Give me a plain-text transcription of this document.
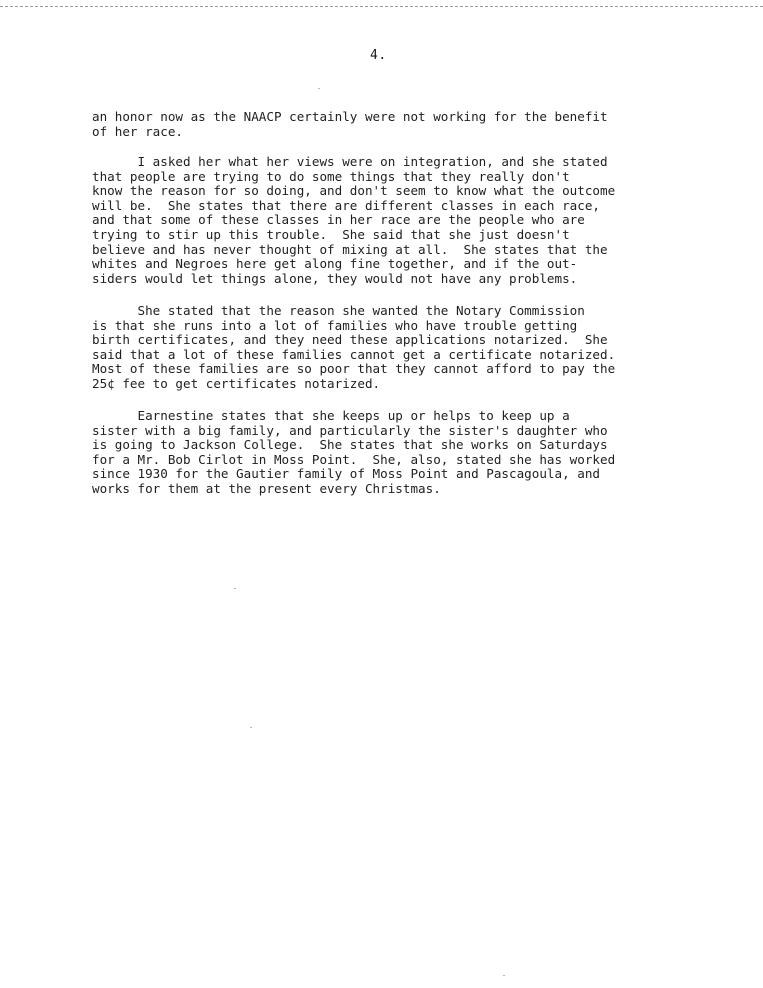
4.

an honor now as the NAACP certainly were not working for the benefit
of her race.

I asked her what her views were on integration, and she stated
that people are trying to do some things that they really don't
know the reason for so doing, and don't seem to know what the outcome
will be.  She states that there are different classes in each race,
and that some of these classes in her race are the people who are
trying to stir up this trouble.  She said that she just doesn't
believe and has never thought of mixing at all.  She states that the
whites and Negroes here get along fine together, and if the out-
siders would let things alone, they would not have any problems.

She stated that the reason she wanted the Notary Commission
is that she runs into a lot of families who have trouble getting
birth certificates, and they need these applications notarized.  She
said that a lot of these families cannot get a certificate notarized.
Most of these families are so poor that they cannot afford to pay the
25¢ fee to get certificates notarized.

Earnestine states that she keeps up or helps to keep up a
sister with a big family, and particularly the sister's daughter who
is going to Jackson College.  She states that she works on Saturdays
for a Mr. Bob Cirlot in Moss Point.  She, also, stated she has worked
since 1930 for the Gautier family of Moss Point and Pascagoula, and
works for them at the present every Christmas.
